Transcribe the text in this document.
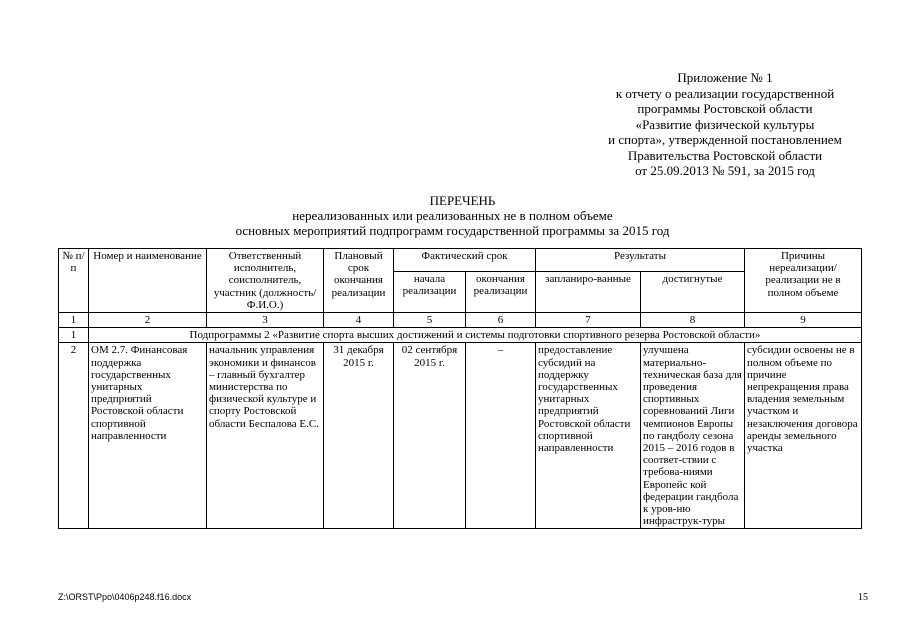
Приложение № 1
к отчету о реализации государственной
программы Ростовской области
«Развитие физической культуры
и спорта», утвержденной постановлением
Правительства Ростовской области
от 25.09.2013 № 591, за 2015 год
ПЕРЕЧЕНЬ
нереализованных или реализованных не в полном объеме
основных мероприятий подпрограмм государственной программы за 2015 год
№ п/п	Номер и наименование	Ответственный исполнитель, соисполнитель, участник (должность/ Ф.И.О.)	Плановый срок окончания реализации	Фактический срок		Результаты		Причины нереализации/ реализации не в полном объеме
				начала реализации	окончания реализации	запланиро-ванные	достигнутые	
1	2	3	4	5	6	7	8	9
1	Подпрограммы 2 «Развитие спорта высших достижений и системы подготовки спортивного резерва Ростовской области»							
2	ОМ 2.7. Финансовая поддержка государственных унитарных предприятий Ростовской области спортивной направленности	начальник управления экономики и финансов – главный бухгалтер министерства по физической культуре и спорту Ростовской области Беспалова Е.С.	31 декабря 2015 г.	02 сентября 2015 г.	–	предоставление субсидий на поддержку государственных унитарных предприятий Ростовской области спортивной направленности	улучшена материально-техническая база для проведения спортивных соревнований Лиги чемпионов Европы по гандболу сезона 2015 – 2016 годов в соответ-ствии с требова-ниями Европейс кой федерации гандбола к уров-ню инфраструк-туры	субсидии освоены не в полном объеме по причине непрекращения права владения земельным участком и незаключения договора аренды земельного участка
Z:\ORST\Ppo\0406p248.f16.docx	15
